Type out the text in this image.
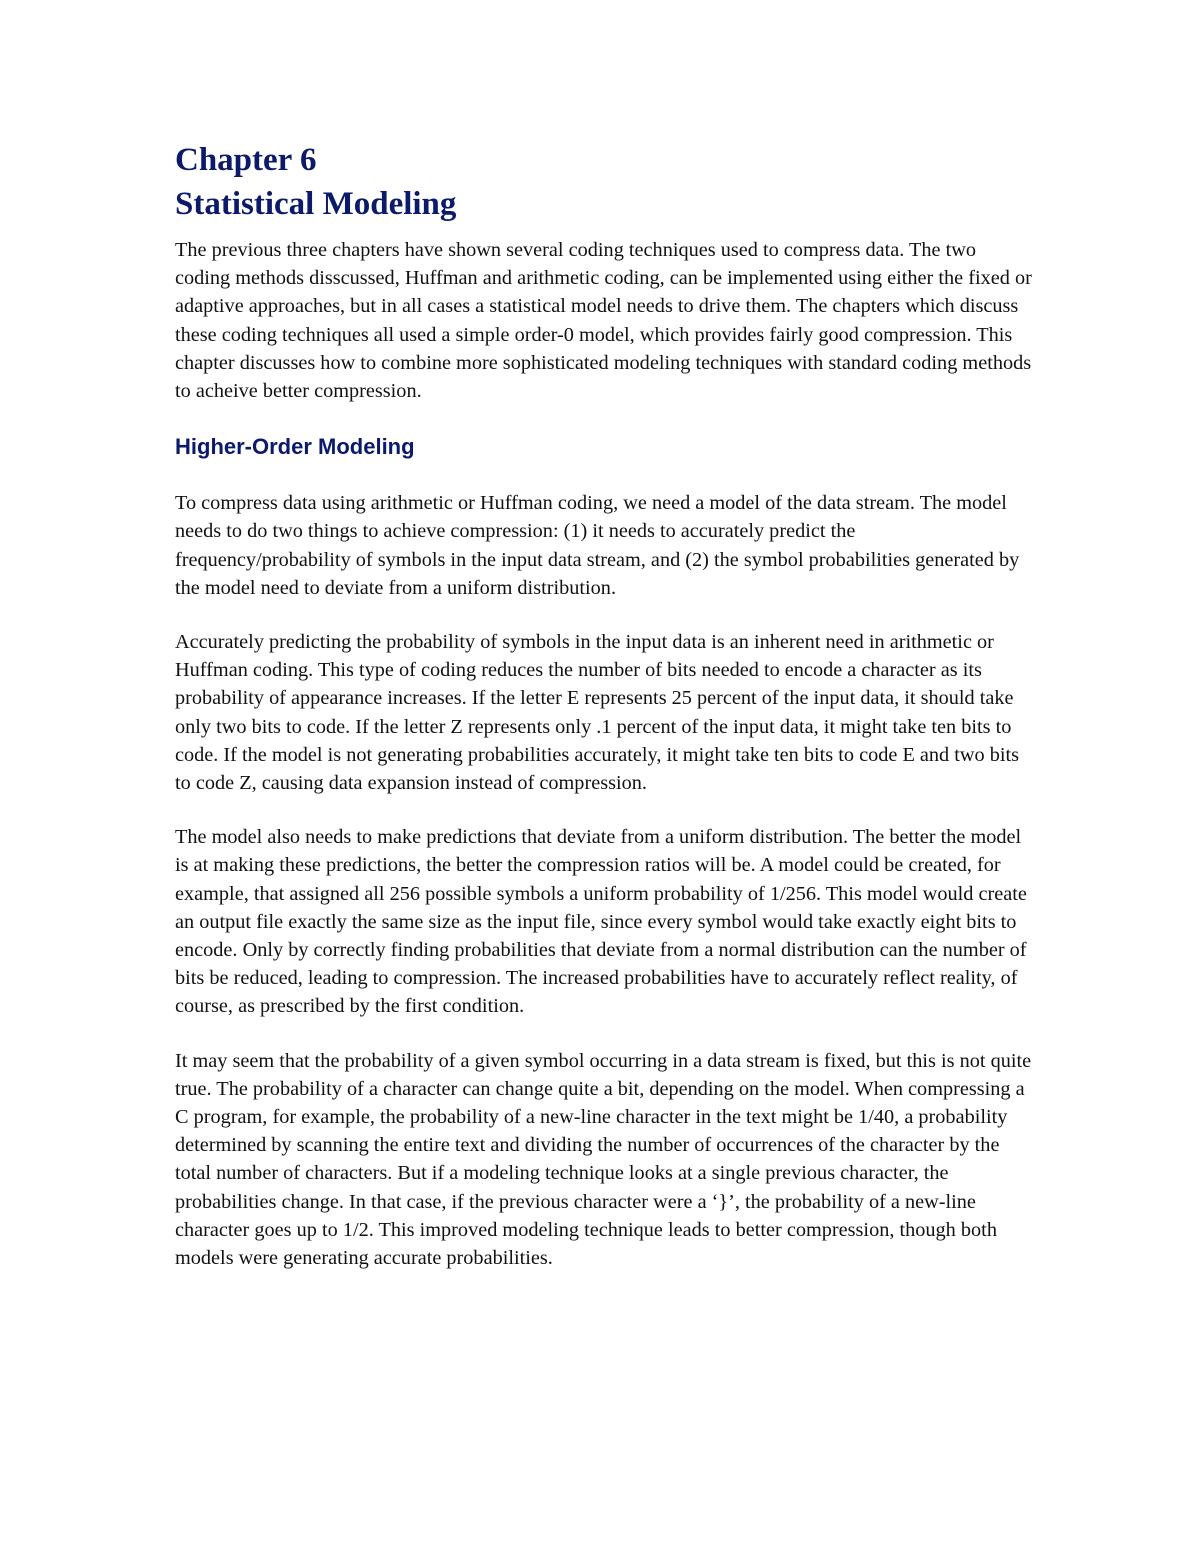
Chapter 6
Statistical Modeling

The previous three chapters have shown several coding techniques used to compress data. The two coding methods disscussed, Huffman and arithmetic coding, can be implemented using either the fixed or adaptive approaches, but in all cases a statistical model needs to drive them. The chapters which discuss these coding techniques all used a simple order-0 model, which provides fairly good compression. This chapter discusses how to combine more sophisticated modeling techniques with standard coding methods to acheive better compression.

Higher-Order Modeling

To compress data using arithmetic or Huffman coding, we need a model of the data stream. The model needs to do two things to achieve compression: (1) it needs to accurately predict the frequency/probability of symbols in the input data stream, and (2) the symbol probabilities generated by the model need to deviate from a uniform distribution.

Accurately predicting the probability of symbols in the input data is an inherent need in arithmetic or Huffman coding. This type of coding reduces the number of bits needed to encode a character as its probability of appearance increases. If the letter E represents 25 percent of the input data, it should take only two bits to code. If the letter Z represents only .1 percent of the input data, it might take ten bits to code. If the model is not generating probabilities accurately, it might take ten bits to code E and two bits to code Z, causing data expansion instead of compression.

The model also needs to make predictions that deviate from a uniform distribution. The better the model is at making these predictions, the better the compression ratios will be. A model could be created, for example, that assigned all 256 possible symbols a uniform probability of 1/256. This model would create an output file exactly the same size as the input file, since every symbol would take exactly eight bits to encode. Only by correctly finding probabilities that deviate from a normal distribution can the number of bits be reduced, leading to compression. The increased probabilities have to accurately reflect reality, of course, as prescribed by the first condition.

It may seem that the probability of a given symbol occurring in a data stream is fixed, but this is not quite true. The probability of a character can change quite a bit, depending on the model. When compressing a C program, for example, the probability of a new-line character in the text might be 1/40, a probability determined by scanning the entire text and dividing the number of occurrences of the character by the total number of characters. But if a modeling technique looks at a single previous character, the probabilities change. In that case, if the previous character were a ‘}’, the probability of a new-line character goes up to 1/2. This improved modeling technique leads to better compression, though both models were generating accurate probabilities.
